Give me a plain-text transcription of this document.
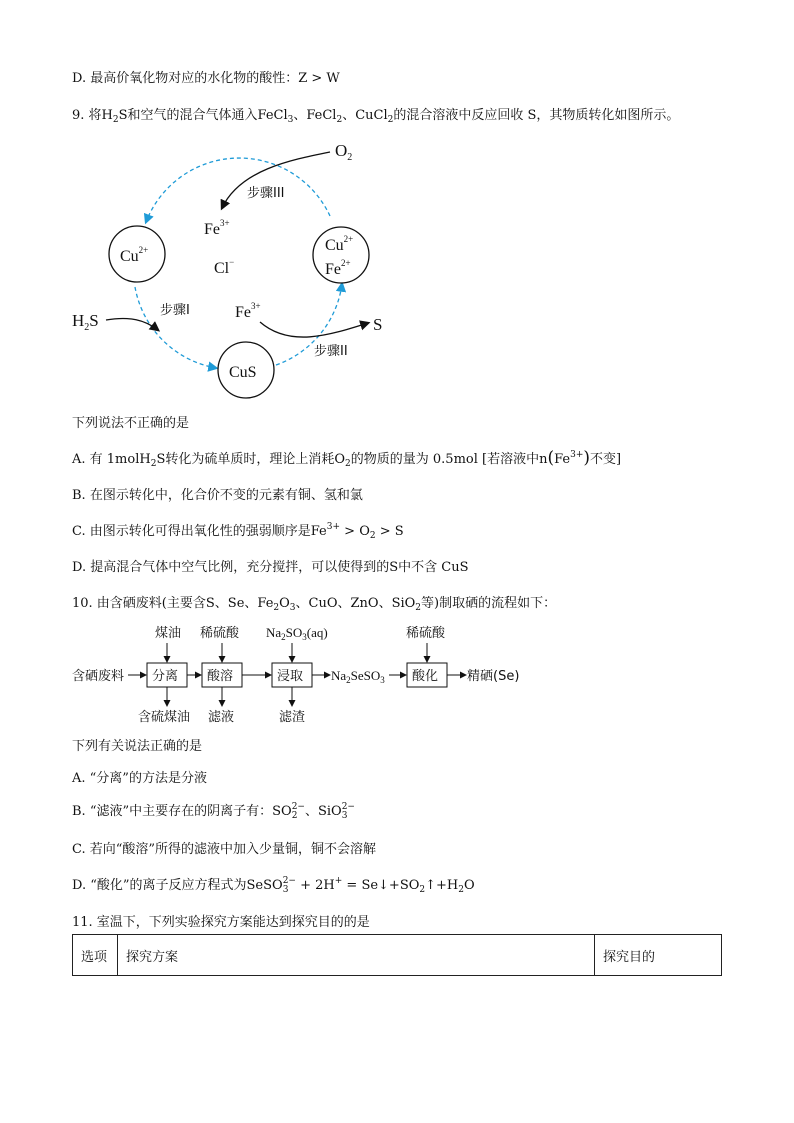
D. 最高价氧化物对应的水化物的酸性：Z > W
9. 将$H_2S$和空气的混合气体通入FeCl$_3$、FeCl$_2$、CuCl$_2$的混合溶液中反应回收 S，其物质转化如图所示。
$O_2$
步骤III
$Fe^{3+}$
Cl−
$Cu^{2+}$	$Cu^{2+}$
$Fe^{2+}$
$H_2S$
步骤I	$Fe^{3+}$
S
步骤II
CuS
下列说法不正确的是
A. 有 1molH$_2$S转化为硫单质时，理论上消耗$O_2$的物质的量为 0.5mol [若溶液中$n(Fe^{3+})$不变]
B. 在图示转化中，化合价不变的元素有铜、氢和氯
C. 由图示转化可得出氧化性的强弱顺序是$Fe^{3+} > O_2 > S$
D. 提高混合气体中空气比例，充分搅拌，可以使得到的S中不含 CuS
10. 由含硒废料(主要含S、Se、$Fe_2O_3$、CuO、ZnO、SiO$_2$等)制取硒的流程如下：
煤油 稀硫酸 $Na_2SO_3(aq)$	稀硫酸
含硒废料 分离 酸溶	浸取 $Na_2SeSO_3$ 酸化 精硒(Se)
含硫煤油 滤液	滤渣
下列有关说法正确的是
A. “分离”的方法是分液
B. “滤液”中主要存在的阴离子有：SO2−
2 、SiO2−
3
C. 若向“酸溶”所得的滤液中加入少量铜，铜不会溶解
D. “酸化”的离子反应方程式为SeSO2−
$3 + 2H^+ = Se↓+SO_2↑+H_2O$
11. 室温下，下列实验探究方案能达到探究目的的是
选项	探究方案	探究目的
